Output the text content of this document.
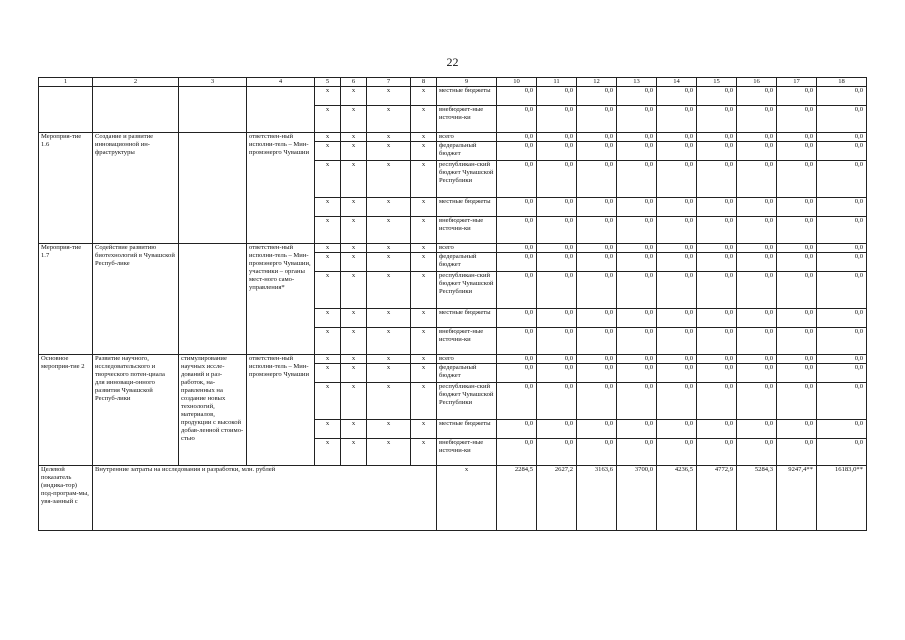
22
1	2	3	4	5	6	7	8	9	10	11	12	13	14	15	16	17	18
				х	х	х	х	местные бюджеты	0,0	0,0	0,0	0,0	0,0	0,0	0,0	0,0	0,0
				х	х	х	х	внебюджет-ные источни-ки	0,0	0,0	0,0	0,0	0,0	0,0	0,0	0,0	0,0
Мероприя-тие 1.6	Создание и развитие инновационной ин-фраструктуры		ответствен-ный исполни-тель – Мин-промэнерго Чувашии	х	х	х	х	всего	0,0	0,0	0,0	0,0	0,0	0,0	0,0	0,0	0,0
				х	х	х	х	федеральный бюджет	0,0	0,0	0,0	0,0	0,0	0,0	0,0	0,0	0,0
				х	х	х	х	республикан-ский бюджет Чувашской Республики	0,0	0,0	0,0	0,0	0,0	0,0	0,0	0,0	0,0
				х	х	х	х	местные бюджеты	0,0	0,0	0,0	0,0	0,0	0,0	0,0	0,0	0,0
				х	х	х	х	внебюджет-ные источни-ки	0,0	0,0	0,0	0,0	0,0	0,0	0,0	0,0	0,0
Мероприя-тие 1.7	Содействие развитию биотехнологий в Чувашской Респуб-лике		ответствен-ный исполни-тель – Мин-промэнерго Чувашии, участники – органы мест-ного само-управления*	х	х	х	х	всего	0,0	0,0	0,0	0,0	0,0	0,0	0,0	0,0	0,0
				х	х	х	х	федеральный бюджет	0,0	0,0	0,0	0,0	0,0	0,0	0,0	0,0	0,0
				х	х	х	х	республикан-ский бюджет Чувашской Республики	0,0	0,0	0,0	0,0	0,0	0,0	0,0	0,0	0,0
				х	х	х	х	местные бюджеты	0,0	0,0	0,0	0,0	0,0	0,0	0,0	0,0	0,0
				х	х	х	х	внебюджет-ные источни-ки	0,0	0,0	0,0	0,0	0,0	0,0	0,0	0,0	0,0
Основное мероприя-тие 2	Развитие научного, исследовательского и творческого потен-циала для инноваци-онного развития Чувашской Респуб-лики	стимулирование научных иссле-дований и раз-работок, на-правленных на создание новых технологий, материалов, продукции с высокой добав-ленной стоимо-стью	ответствен-ный исполни-тель – Мин-промэнерго Чувашии	х	х	х	х	всего	0,0	0,0	0,0	0,0	0,0	0,0	0,0	0,0	0,0
				х	х	х	х	федеральный бюджет	0,0	0,0	0,0	0,0	0,0	0,0	0,0	0,0	0,0
				х	х	х	х	республикан-ский бюджет Чувашской Республики	0,0	0,0	0,0	0,0	0,0	0,0	0,0	0,0	0,0
				х	х	х	х	местные бюджеты	0,0	0,0	0,0	0,0	0,0	0,0	0,0	0,0	0,0
				х	х	х	х	внебюджет-ные источни-ки	0,0	0,0	0,0	0,0	0,0	0,0	0,0	0,0	0,0
Целевой показатель (индика-тор) под-програм-мы, увя-занный с	Внутренние затраты на исследования и разработки, млн. рублей							х	2284,5	2627,2	3163,6	3700,0	4236,5	4772,9	5284,3	9247,4**	16183,0**
